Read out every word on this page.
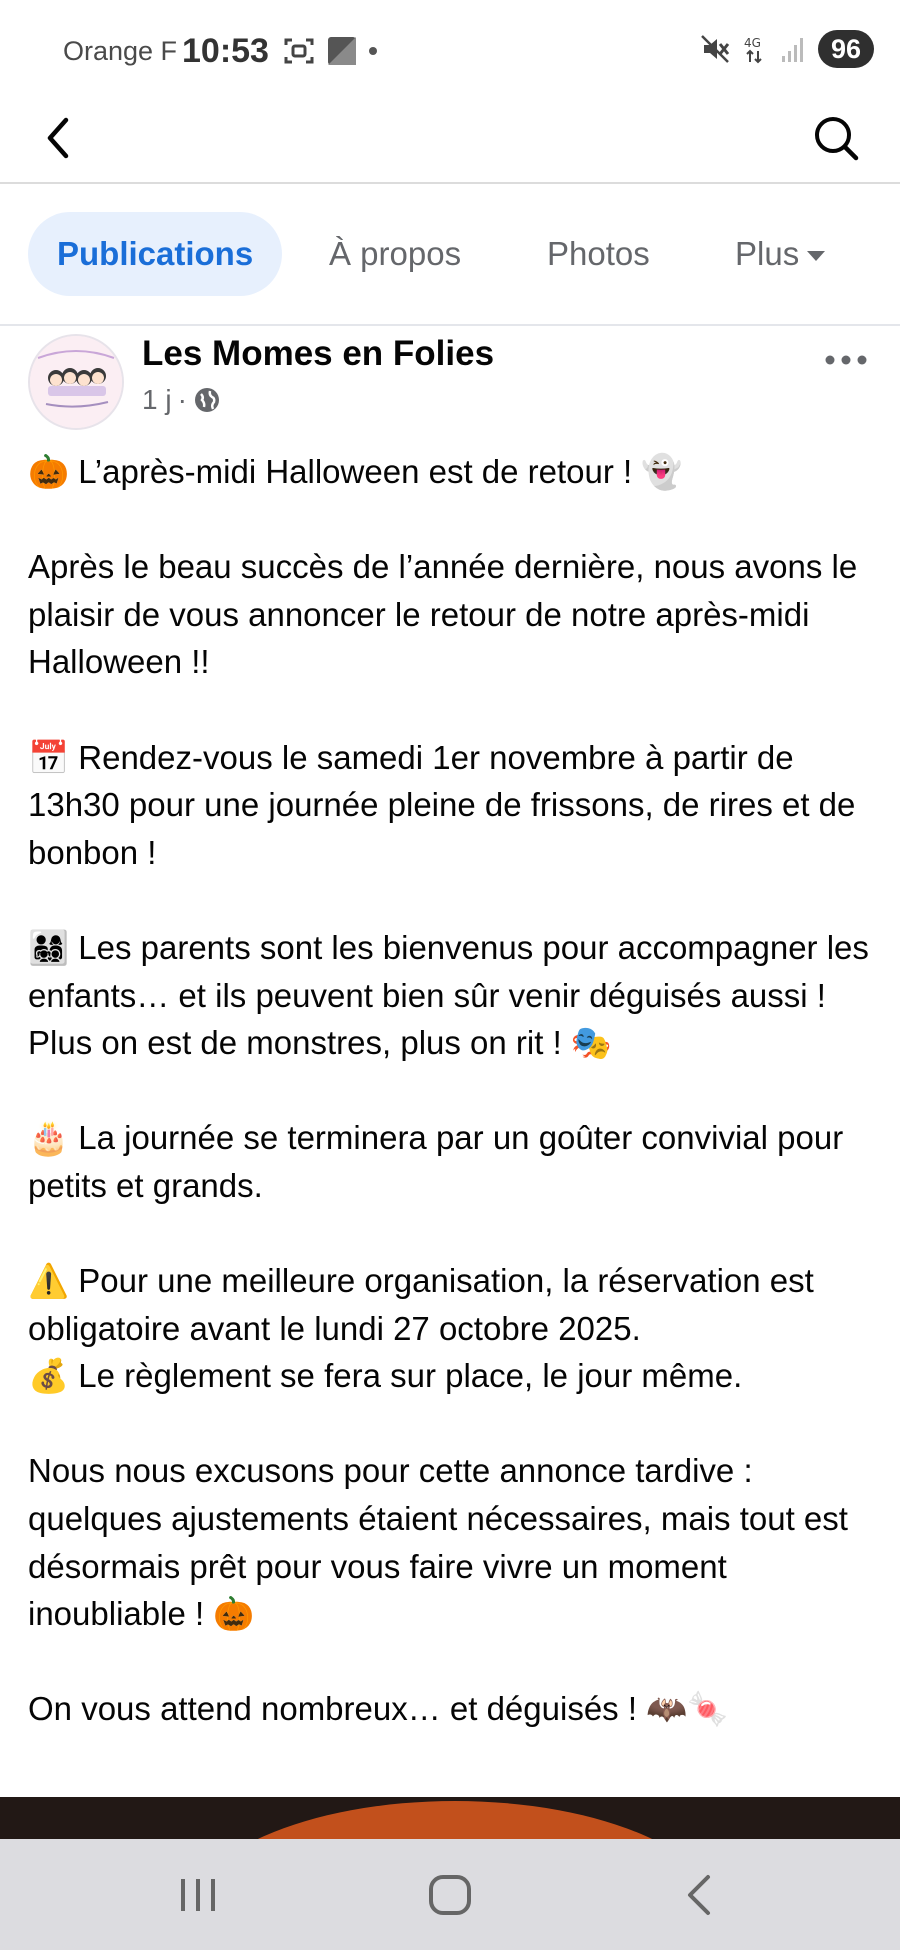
Orange F 10:53	4G	96
Publications	À propos	Photos	Plus
Les Momes en Folies
1 j ·

🎃 L’après-midi Halloween est de retour ! 👻

Après le beau succès de l’année dernière, nous avons le plaisir de vous annoncer le retour de notre après-midi Halloween !!

📅 Rendez-vous le samedi 1er novembre à partir de 13h30 pour une journée pleine de frissons, de rires et de bonbon !

👨‍👩‍👧‍👦 Les parents sont les bienvenus pour accompagner les enfants… et ils peuvent bien sûr venir déguisés aussi ! Plus on est de monstres, plus on rit ! 🎭

🎂 La journée se terminera par un goûter convivial pour petits et grands.

⚠️ Pour une meilleure organisation, la réservation est obligatoire avant le lundi 27 octobre 2025.

💰 Le règlement se fera sur place, le jour même.

Nous nous excusons pour cette annonce tardive : quelques ajustements étaient nécessaires, mais tout est désormais prêt pour vous faire vivre un moment inoubliable ! 🎃

On vous attend nombreux… et déguisés ! 🦇🍬
